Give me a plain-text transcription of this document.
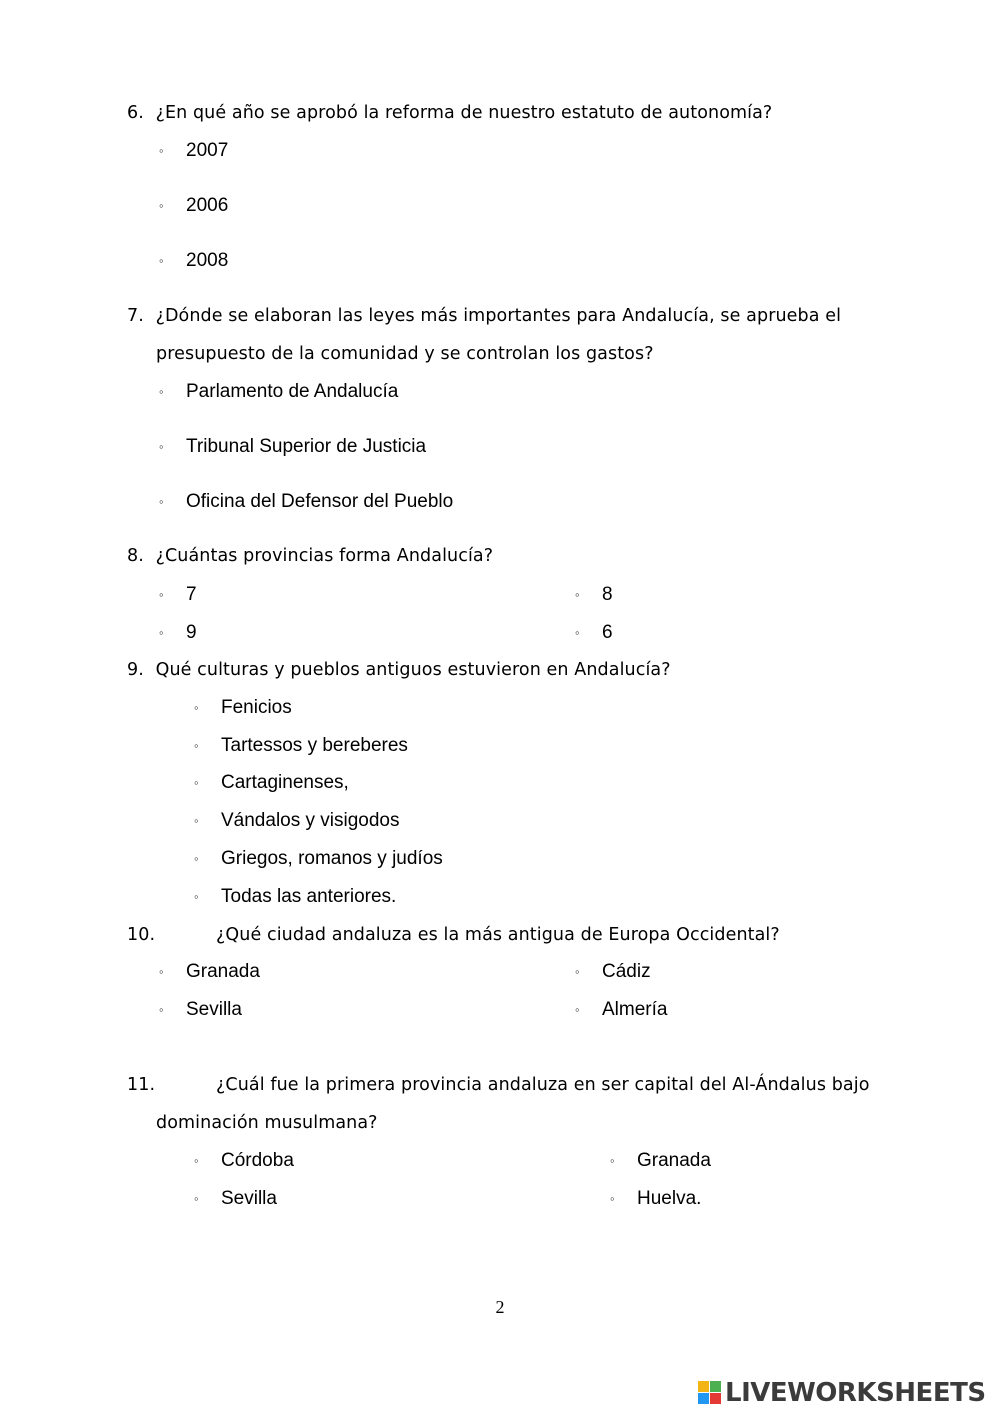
6. ¿En qué año se aprobó la reforma de nuestro estatuto de autonomía?
◦ 2007
◦ 2006
◦ 2008
7. ¿Dónde se elaboran las leyes más importantes para Andalucía, se aprueba el
presupuesto de la comunidad y se controlan los gastos?
◦ Parlamento de Andalucía
◦ Tribunal Superior de Justicia
◦ Oficina del Defensor del Pueblo
8. ¿Cuántas provincias forma Andalucía?
◦ 7	◦ 8
◦ 9	◦ 6
9. Qué culturas y pueblos antiguos estuvieron en Andalucía?
◦ Fenicios
◦ Tartessos y bereberes
◦ Cartaginenses,
◦ Vándalos y visigodos
◦ Griegos, romanos y judíos
◦ Todas las anteriores.
10.	¿Qué ciudad andaluza es la más antigua de Europa Occidental?
◦ Granada	◦ Cádiz
◦ Sevilla	◦ Almería
11.	¿Cuál fue la primera provincia andaluza en ser capital del Al-Ándalus bajo
dominación musulmana?
◦ Córdoba	◦ Granada
◦ Sevilla	◦ Huelva.
2
LIVEWORKSHEETS
